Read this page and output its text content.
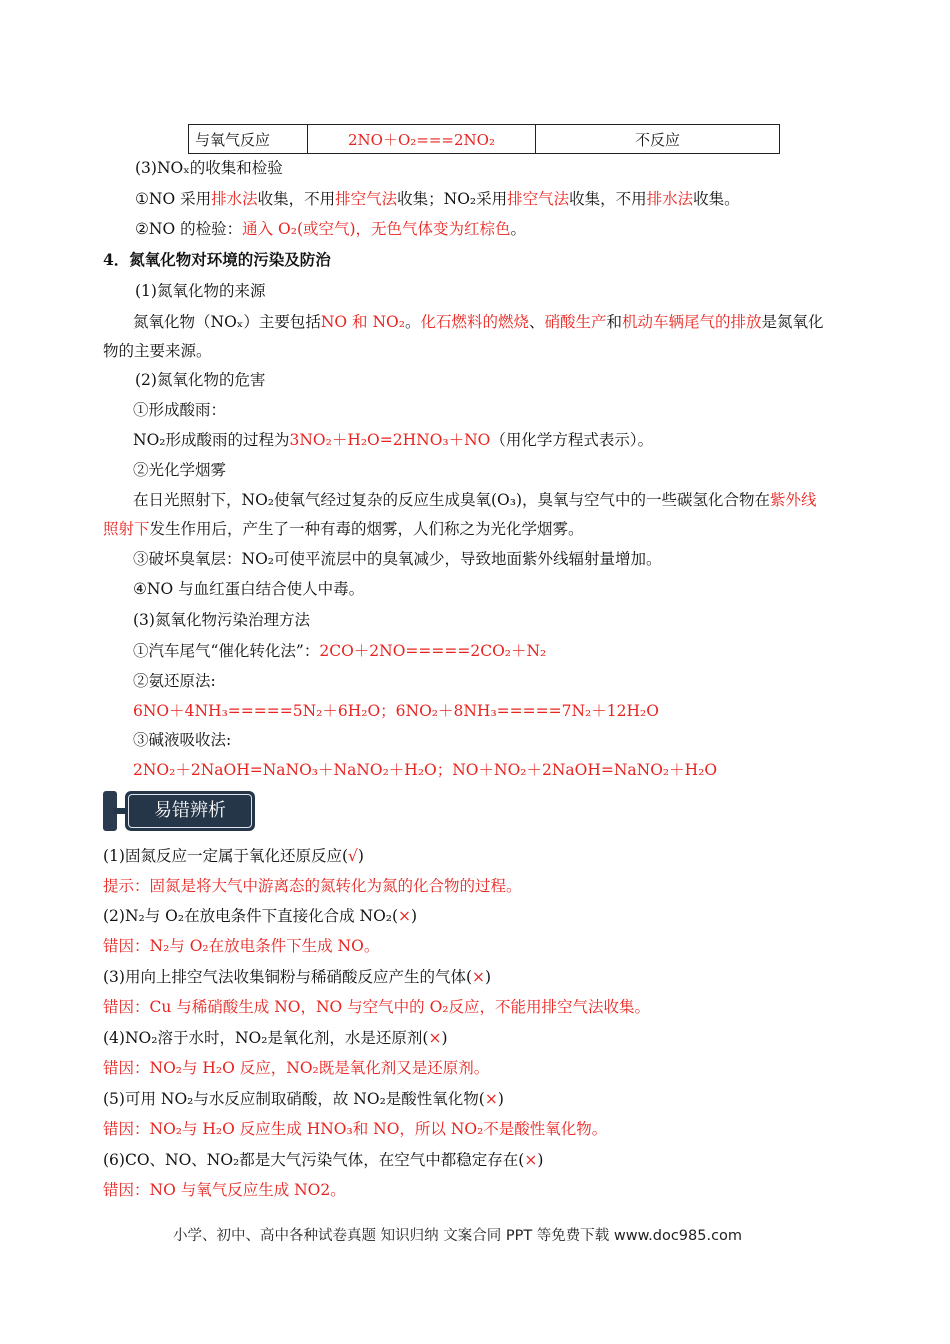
与氧气反应	2NO＋O₂===2NO₂	不反应
(3)NOₓ的收集和检验
①NO 采用排水法收集，不用排空气法收集；NO₂采用排空气法收集，不用排水法收集。
②NO 的检验：通入 O₂(或空气)，无色气体变为红棕色。
4．氮氧化物对环境的污染及防治
(1)氮氧化物的来源
氮氧化物（NOₓ）主要包括NO 和 NO₂。化石燃料的燃烧、硝酸生产和机动车辆尾气的排放是氮氧化
物的主要来源。
(2)氮氧化物的危害
①形成酸雨：
NO₂形成酸雨的过程为3NO₂＋H₂O=2HNO₃＋NO（用化学方程式表示）。
②光化学烟雾
在日光照射下，NO₂使氧气经过复杂的反应生成臭氧(O₃)，臭氧与空气中的一些碳氢化合物在紫外线
照射下发生作用后，产生了一种有毒的烟雾，人们称之为光化学烟雾。
③破坏臭氧层：NO₂可使平流层中的臭氧减少，导致地面紫外线辐射量增加。
④NO 与血红蛋白结合使人中毒。
(3)氮氧化物污染治理方法
①汽车尾气“催化转化法”：2CO＋2NO=====2CO₂＋N₂
②氨还原法:
6NO＋4NH₃=====5N₂＋6H₂O；6NO₂＋8NH₃=====7N₂＋12H₂O
③碱液吸收法:
2NO₂＋2NaOH=NaNO₃＋NaNO₂＋H₂O；NO＋NO₂＋2NaOH=NaNO₂＋H₂O
易错辨析
(1)固氮反应一定属于氧化还原反应(√)
提示：固氮是将大气中游离态的氮转化为氮的化合物的过程。
(2)N₂与 O₂在放电条件下直接化合成 NO₂(×)
错因：N₂与 O₂在放电条件下生成 NO。
(3)用向上排空气法收集铜粉与稀硝酸反应产生的气体(×)
错因：Cu 与稀硝酸生成 NO，NO 与空气中的 O₂反应，不能用排空气法收集。
(4)NO₂溶于水时，NO₂是氧化剂，水是还原剂(×)
错因：NO₂与 H₂O 反应，NO₂既是氧化剂又是还原剂。
(5)可用 NO₂与水反应制取硝酸，故 NO₂是酸性氧化物(×)
错因：NO₂与 H₂O 反应生成 HNO₃和 NO，所以 NO₂不是酸性氧化物。
(6)CO、NO、NO₂都是大气污染气体，在空气中都稳定存在(×)
错因：NO 与氧气反应生成 NO2。
小学、初中、高中各种试卷真题 知识归纳 文案合同 PPT 等免费下载 www.doc985.com
